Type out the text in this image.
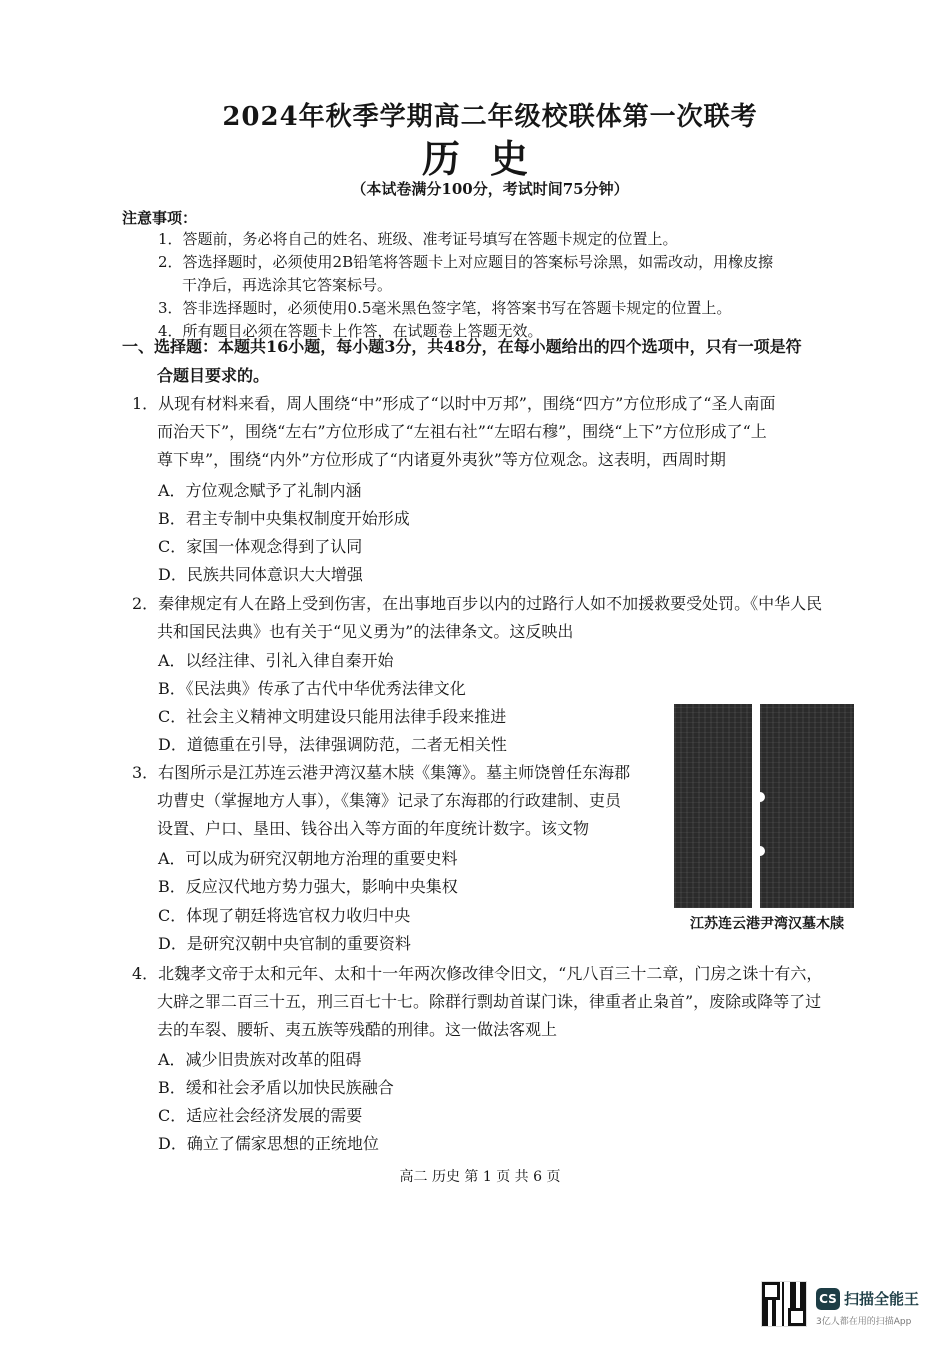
2024年秋季学期高二年级校联体第一次联考
历史
（本试卷满分100分，考试时间75分钟）
注意事项：
1．答题前，务必将自己的姓名、班级、准考证号填写在答题卡规定的位置上。
2．答选择题时，必须使用2B铅笔将答题卡上对应题目的答案标号涂黑，如需改动，用橡皮擦
干净后，再选涂其它答案标号。
3．答非选择题时，必须使用0.5毫米黑色签字笔，将答案书写在答题卡规定的位置上。
4．所有题目必须在答题卡上作答，在试题卷上答题无效。
一、选择题：本题共16小题，每小题3分，共48分，在每小题给出的四个选项中，只有一项是符
合题目要求的。
1．从现有材料来看，周人围绕“中”形成了“以时中万邦”，围绕“四方”方位形成了“圣人南面
而治天下”，围绕“左右”方位形成了“左祖右社”“左昭右穆”，围绕“上下”方位形成了“上
尊下卑”，围绕“内外”方位形成了“内诸夏外夷狄”等方位观念。这表明，西周时期
A．方位观念赋予了礼制内涵
B．君主专制中央集权制度开始形成
C．家国一体观念得到了认同
D．民族共同体意识大大增强
2．秦律规定有人在路上受到伤害，在出事地百步以内的过路行人如不加援救要受处罚。《中华人民
共和国民法典》也有关于“见义勇为”的法律条文。这反映出
A．以经注律、引礼入律自秦开始
B．《民法典》传承了古代中华优秀法律文化
C．社会主义精神文明建设只能用法律手段来推进
D．道德重在引导，法律强调防范，二者无相关性
3．右图所示是江苏连云港尹湾汉墓木牍《集簿》。墓主师饶曾任东海郡
功曹史（掌握地方人事），《集簿》记录了东海郡的行政建制、吏员
设置、户口、垦田、钱谷出入等方面的年度统计数字。该文物
A．可以成为研究汉朝地方治理的重要史料
B．反应汉代地方势力强大，影响中央集权
C．体现了朝廷将选官权力收归中央
D．是研究汉朝中央官制的重要资料
江苏连云港尹湾汉墓木牍
4．北魏孝文帝于太和元年、太和十一年两次修改律令旧文，“凡八百三十二章，门房之诛十有六，
大辟之罪二百三十五，刑三百七十七。除群行剽劫首谋门诛，律重者止枭首”，废除或降等了过
去的车裂、腰斩、夷五族等残酷的刑律。这一做法客观上
A．减少旧贵族对改革的阻碍
B．缓和社会矛盾以加快民族融合
C．适应社会经济发展的需要
D．确立了儒家思想的正统地位
高二 历史 第 1 页 共 6 页
CS 扫描全能王
3亿人都在用的扫描App
